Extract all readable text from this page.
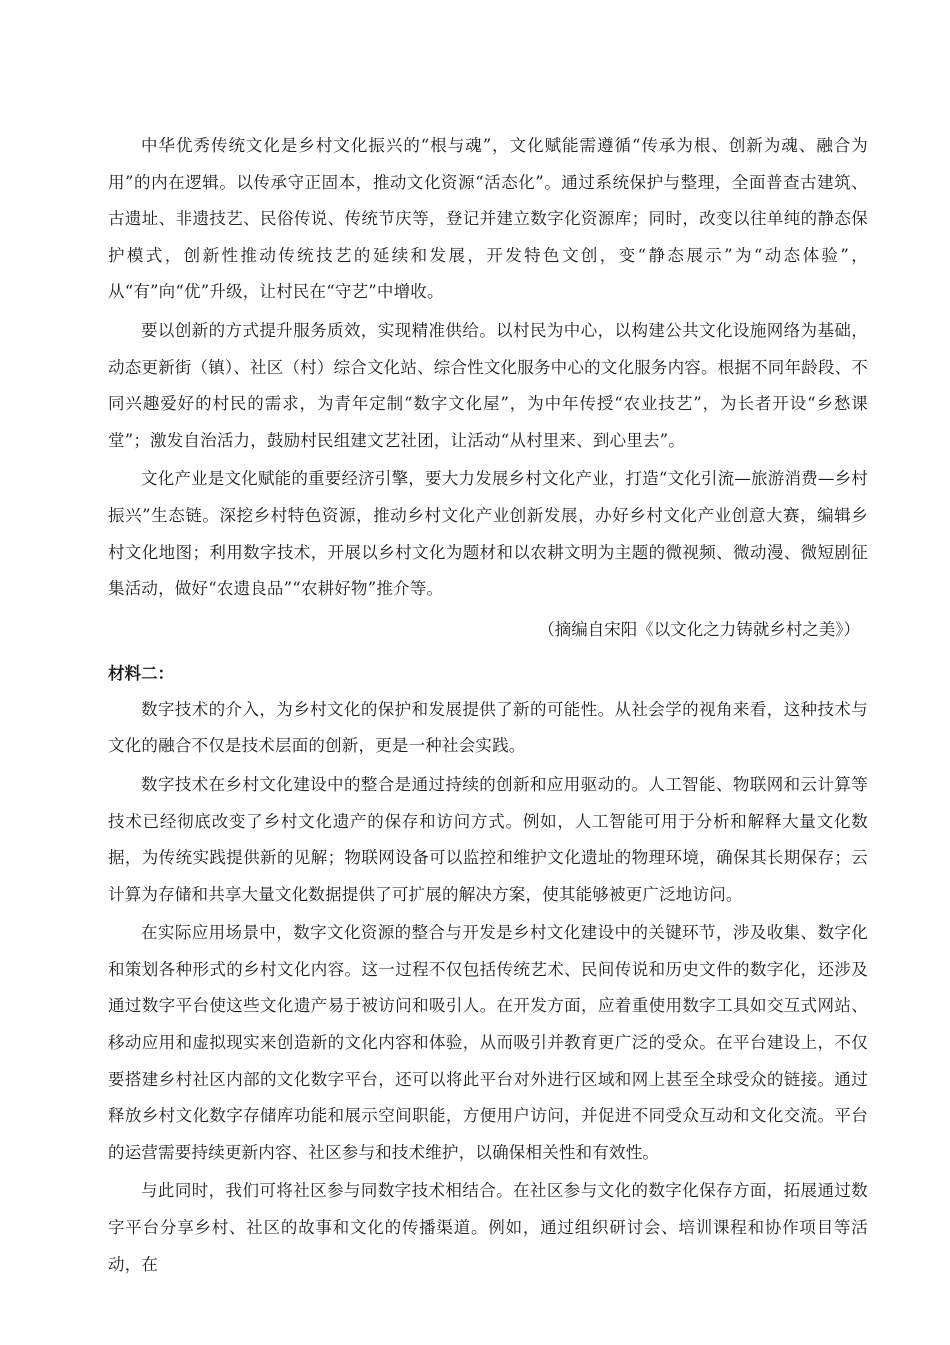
中华优秀传统文化是乡村文化振兴的“根与魂”，文化赋能需遵循“传承为根、创新为魂、融合为用”的内在逻辑。以传承守正固本，推动文化资源“活态化”。通过系统保护与整理，全面普查古建筑、古遗址、非遗技艺、民俗传说、传统节庆等，登记并建立数字化资源库；同时，改变以往单纯的静态保护模式，创新性推动传统技艺的延续和发展，开发特色文创，变“静态展示”为“动态体验”，从“有”向“优”升级，让村民在“守艺”中增收。

要以创新的方式提升服务质效，实现精准供给。以村民为中心，以构建公共文化设施网络为基础，动态更新街（镇）、社区（村）综合文化站、综合性文化服务中心的文化服务内容。根据不同年龄段、不同兴趣爱好的村民的需求，为青年定制“数字文化屋”，为中年传授“农业技艺”，为长者开设“乡愁课堂”；激发自治活力，鼓励村民组建文艺社团，让活动“从村里来、到心里去”。

文化产业是文化赋能的重要经济引擎，要大力发展乡村文化产业，打造“文化引流—旅游消费—乡村振兴”生态链。深挖乡村特色资源，推动乡村文化产业创新发展，办好乡村文化产业创意大赛，编辑乡村文化地图；利用数字技术，开展以乡村文化为题材和以农耕文明为主题的微视频、微动漫、微短剧征集活动，做好“农遗良品”“农耕好物”推介等。

（摘编自宋阳《以文化之力铸就乡村之美》）

材料二：

数字技术的介入，为乡村文化的保护和发展提供了新的可能性。从社会学的视角来看，这种技术与文化的融合不仅是技术层面的创新，更是一种社会实践。

数字技术在乡村文化建设中的整合是通过持续的创新和应用驱动的。人工智能、物联网和云计算等技术已经彻底改变了乡村文化遗产的保存和访问方式。例如，人工智能可用于分析和解释大量文化数据，为传统实践提供新的见解；物联网设备可以监控和维护文化遗址的物理环境，确保其长期保存；云计算为存储和共享大量文化数据提供了可扩展的解决方案，使其能够被更广泛地访问。

在实际应用场景中，数字文化资源的整合与开发是乡村文化建设中的关键环节，涉及收集、数字化和策划各种形式的乡村文化内容。这一过程不仅包括传统艺术、民间传说和历史文件的数字化，还涉及通过数字平台使这些文化遗产易于被访问和吸引人。在开发方面，应着重使用数字工具如交互式网站、移动应用和虚拟现实来创造新的文化内容和体验，从而吸引并教育更广泛的受众。在平台建设上，不仅要搭建乡村社区内部的文化数字平台，还可以将此平台对外进行区域和网上甚至全球受众的链接。通过释放乡村文化数字存储库功能和展示空间职能，方便用户访问，并促进不同受众互动和文化交流。平台的运营需要持续更新内容、社区参与和技术维护，以确保相关性和有效性。

与此同时，我们可将社区参与同数字技术相结合。在社区参与文化的数字化保存方面，拓展通过数字平台分享乡村、社区的故事和文化的传播渠道。例如，通过组织研讨会、培训课程和协作项目等活动，在
